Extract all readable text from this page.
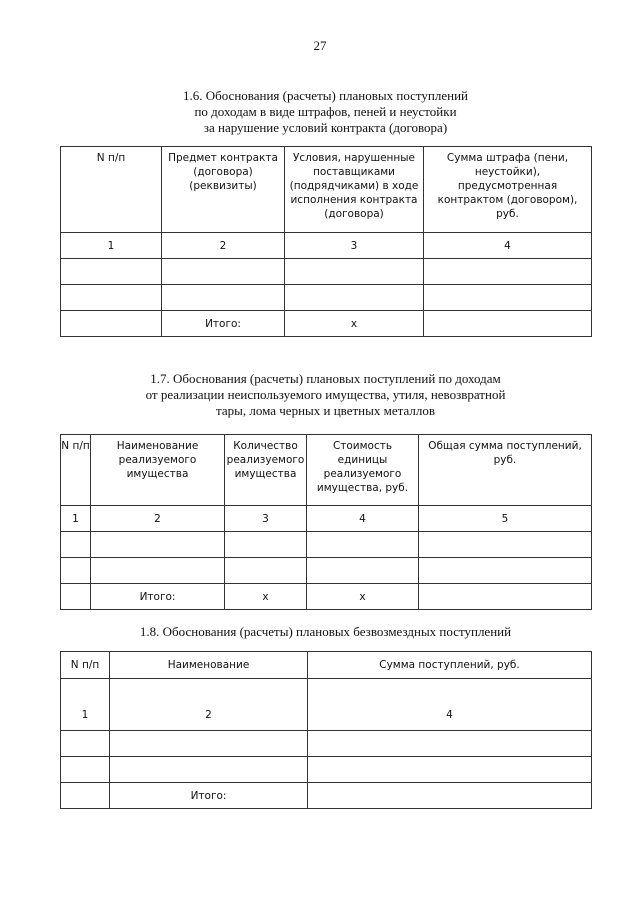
27
1.6. Обоснования (расчеты) плановых поступлений
по доходам в виде штрафов, пеней и неустойки
за нарушение условий контракта (договора)
N п/п	Предмет контракта (договора) (реквизиты)	Условия, нарушенные поставщиками (подрядчиками) в ходе исполнения контракта (договора)	Сумма штрафа (пени, неустойки), предусмотренная контрактом (договором), руб.
1	2	3	4

	Итого:	x	
1.7. Обоснования (расчеты) плановых поступлений по доходам
от реализации неиспользуемого имущества, утиля, невозвратной
тары, лома черных и цветных металлов
N п/п	Наименование реализуемого имущества	Количество реализуемого имущества	Стоимость единицы реализуемого имущества, руб.	Общая сумма поступлений, руб.
1	2	3	4	5

	Итого:	x	x	
1.8. Обоснования (расчеты) плановых безвозмездных поступлений
N п/п	Наименование	Сумма поступлений, руб.
1	2	4

	Итого:	
